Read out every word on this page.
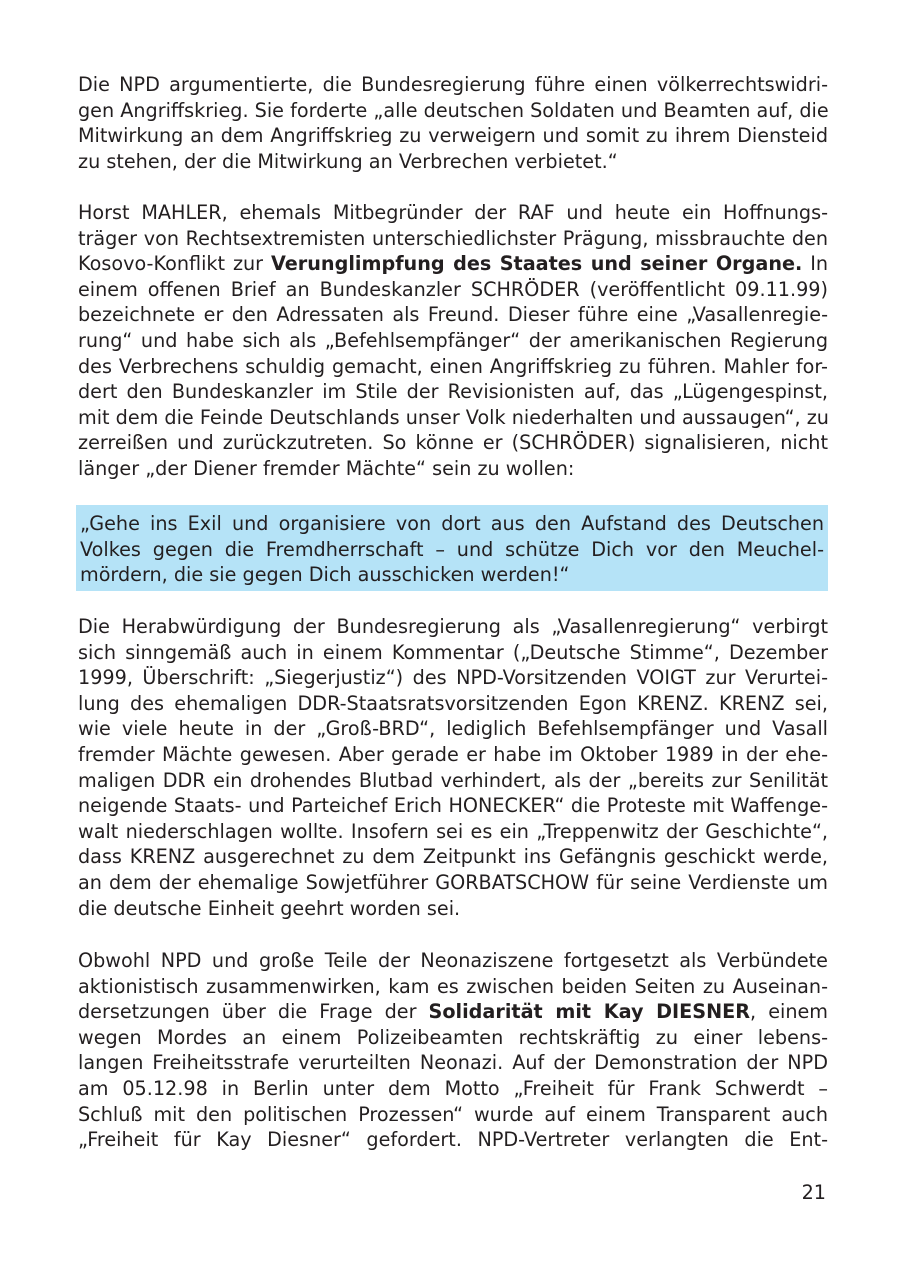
Die NPD argumentierte, die Bundesregierung führe einen völkerrechtswidri-
gen Angriffskrieg. Sie forderte „alle deutschen Soldaten und Beamten auf, die
Mitwirkung an dem Angriffskrieg zu verweigern und somit zu ihrem Diensteid
zu stehen, der die Mitwirkung an Verbrechen verbietet.“
Horst MAHLER, ehemals Mitbegründer der RAF und heute ein Hoffnungs-
träger von Rechtsextremisten unterschiedlichster Prägung, missbrauchte den
Kosovo-Konflikt zur Verunglimpfung des Staates und seiner Organe. In
einem offenen Brief an Bundeskanzler SCHRÖDER (veröffentlicht 09.11.99)
bezeichnete er den Adressaten als Freund. Dieser führe eine „Vasallenregie-
rung“ und habe sich als „Befehlsempfänger“ der amerikanischen Regierung
des Verbrechens schuldig gemacht, einen Angriffskrieg zu führen. Mahler for-
dert den Bundeskanzler im Stile der Revisionisten auf, das „Lügengespinst,
mit dem die Feinde Deutschlands unser Volk niederhalten und aussaugen“, zu
zerreißen und zurückzutreten. So könne er (SCHRÖDER) signalisieren, nicht
länger „der Diener fremder Mächte“ sein zu wollen:
„Gehe ins Exil und organisiere von dort aus den Aufstand des Deutschen
Volkes gegen die Fremdherrschaft – und schütze Dich vor den Meuchel-
mördern, die sie gegen Dich ausschicken werden!“
Die Herabwürdigung der Bundesregierung als „Vasallenregierung“ verbirgt
sich sinngemäß auch in einem Kommentar („Deutsche Stimme“, Dezember
1999, Überschrift: „Siegerjustiz“) des NPD-Vorsitzenden VOIGT zur Verurtei-
lung des ehemaligen DDR-Staatsratsvorsitzenden Egon KRENZ. KRENZ sei,
wie viele heute in der „Groß-BRD“, lediglich Befehlsempfänger und Vasall
fremder Mächte gewesen. Aber gerade er habe im Oktober 1989 in der ehe-
maligen DDR ein drohendes Blutbad verhindert, als der „bereits zur Senilität
neigende Staats- und Parteichef Erich HONECKER“ die Proteste mit Waffenge-
walt niederschlagen wollte. Insofern sei es ein „Treppenwitz der Geschichte“,
dass KRENZ ausgerechnet zu dem Zeitpunkt ins Gefängnis geschickt werde,
an dem der ehemalige Sowjetführer GORBATSCHOW für seine Verdienste um
die deutsche Einheit geehrt worden sei.
Obwohl NPD und große Teile der Neonaziszene fortgesetzt als Verbündete
aktionistisch zusammenwirken, kam es zwischen beiden Seiten zu Auseinan-
dersetzungen über die Frage der Solidarität mit Kay DIESNER, einem
wegen Mordes an einem Polizeibeamten rechtskräftig zu einer lebens-
langen Freiheitsstrafe verurteilten Neonazi. Auf der Demonstration der NPD
am 05.12.98 in Berlin unter dem Motto „Freiheit für Frank Schwerdt –
Schluß mit den politischen Prozessen“ wurde auf einem Transparent auch
„Freiheit für Kay Diesner“ gefordert. NPD-Vertreter verlangten die Ent-
21
